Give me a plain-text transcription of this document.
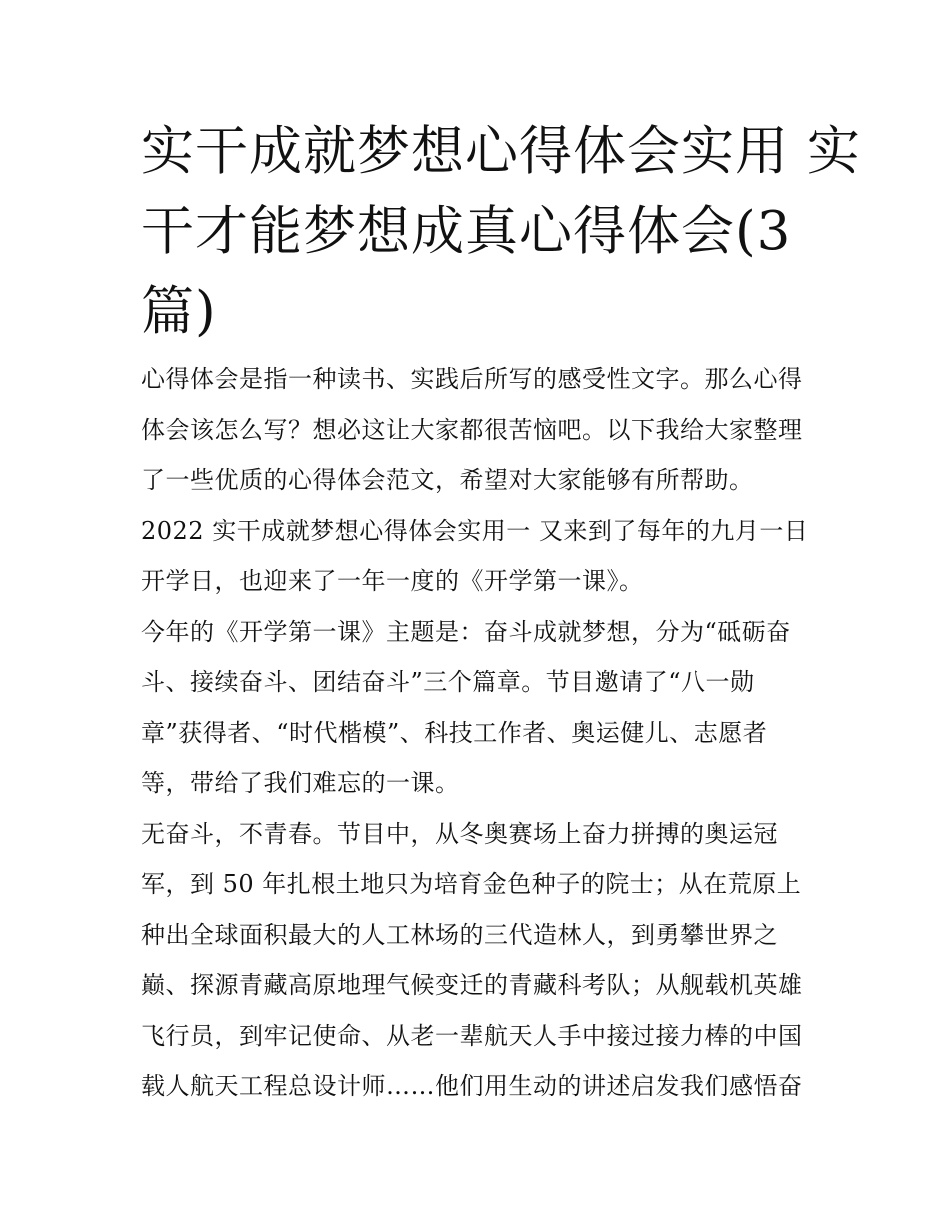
实干成就梦想心得体会实用 实
干才能梦想成真心得体会(3
篇)
心得体会是指一种读书、实践后所写的感受性文字。那么心得
体会该怎么写？想必这让大家都很苦恼吧。以下我给大家整理
了一些优质的心得体会范文，希望对大家能够有所帮助。
2022 实干成就梦想心得体会实用一 又来到了每年的九月一日
开学日，也迎来了一年一度的《开学第一课》。
今年的《开学第一课》主题是：奋斗成就梦想，分为“砥砺奋
斗、接续奋斗、团结奋斗”三个篇章。节目邀请了“八一勋
章”获得者、“时代楷模”、科技工作者、奥运健儿、志愿者
等，带给了我们难忘的一课。
无奋斗，不青春。节目中，从冬奥赛场上奋力拼搏的奥运冠
军，到 50 年扎根土地只为培育金色种子的院士；从在荒原上
种出全球面积最大的人工林场的三代造林人，到勇攀世界之
巅、探源青藏高原地理气候变迁的青藏科考队；从舰载机英雄
飞行员，到牢记使命、从老一辈航天人手中接过接力棒的中国
载人航天工程总设计师……他们用生动的讲述启发我们感悟奋
